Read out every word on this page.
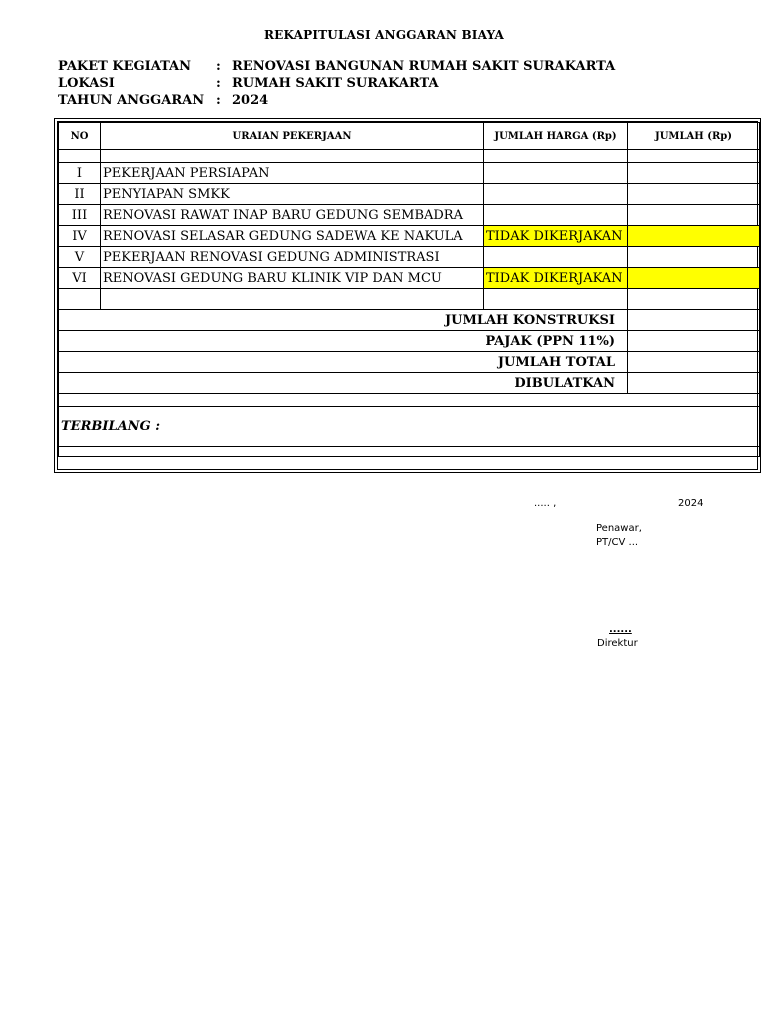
REKAPITULASI ANGGARAN BIAYA
PAKET KEGIATAN : RENOVASI BANGUNAN RUMAH SAKIT SURAKARTA
LOKASI	: RUMAH SAKIT SURAKARTA
TAHUN ANGGARAN : 2024
NO	URAIAN PEKERJAAN	JUMLAH HARGA (Rp)	JUMLAH (Rp)

I	PEKERJAAN PERSIAPAN		
II	PENYIAPAN SMKK		
III	RENOVASI RAWAT INAP BARU GEDUNG SEMBADRA		
IV	RENOVASI SELASAR GEDUNG SADEWA KE NAKULA	TIDAK DIKERJAKAN	
V	PEKERJAAN RENOVASI GEDUNG ADMINISTRASI		
VI	RENOVASI GEDUNG BARU KLINIK VIP DAN MCU	TIDAK DIKERJAKAN	

JUMLAH KONSTRUKSI			
PAJAK (PPN 11%)			
JUMLAH TOTAL			
DIBULATKAN			

TERBILANG :			

..... ,	2024
Penawar,
PT/CV ...
......
Direktur
